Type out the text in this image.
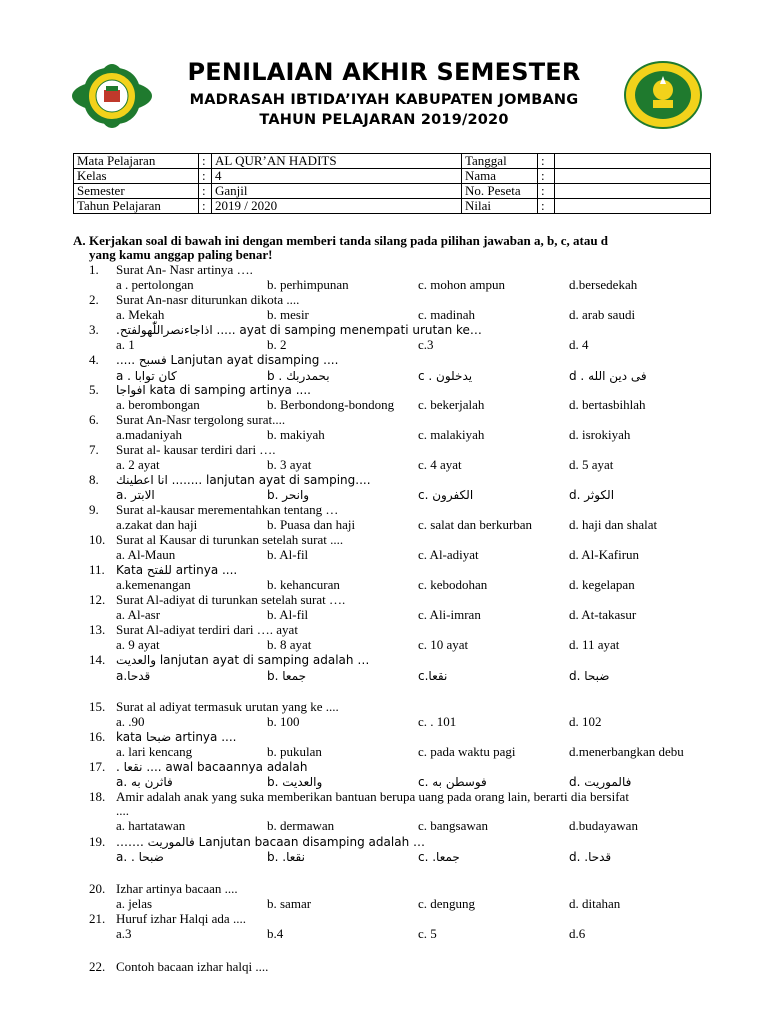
PENILAIAN AKHIR SEMESTER
MADRASAH IBTIDA’IYAH KABUPATEN JOMBANG
TAHUN PELAJARAN 2019/2020
Mata Pelajaran	:	AL QUR’AN HADITS	Tanggal	:	
Kelas	:	4	Nama	:	
Semester	:	Ganjil	No. Peseta	:	
Tahun Pelajaran	:	2019 / 2020	Nilai	:	
A. Kerjakan soal di bawah ini dengan memberi tanda silang pada pilihan jawaban a, b, c, atau d
yang kamu anggap paling benar!
1. Surat An- Nasr artinya ….
a . pertolongan	b. perhimpunan	c. mohon ampun	d.bersedekah
2. Surat An-nasr diturunkan dikota ....
a. Mekah	b. mesir	c. madinah	d. arab saudi
3. .اذاجاءنصراللّٰهولفتح ..... ayat di samping menempati urutan ke…
a. 1	b. 2	c.3	d. 4
4. ..... فسبح Lanjutan ayat disamping ....
a . كان توابا	b . بحمدربك	c . يدخلون	d . فى دين الله
5. افواجا kata di samping artinya ....
a. berombongan	b. Berbondong-bondong c. bekerjalah	d. bertasbihlah
6. Surat An-Nasr tergolong surat....
a.madaniyah	b. makiyah	c. malakiyah	d. isrokiyah
7. Surat al- kausar terdiri dari ….
a. 2 ayat	b. 3 ayat	c. 4 ayat	d. 5 ayat
8. انا اعطينك ........ lanjutan ayat di samping....
a. الابتر	b. وانحر	c. الكفرون	d. الكوثر
9. Surat al-kausar merementahkan tentang …
a.zakat dan haji	b. Puasa dan haji	c. salat dan berkurban	d. haji dan shalat
10. Surat al Kausar di turunkan setelah surat ....
a. Al-Maun	b. Al-fil	c. Al-adiyat	d. Al-Kafirun
11. Kata للفتح artinya ....
a.kemenangan	b. kehancuran	c. kebodohan	d. kegelapan
12. Surat Al-adiyat di turunkan setelah surat ….
a. Al-asr	b. Al-fil	c. Ali-imran	d. At-takasur
13. Surat Al-adiyat terdiri dari …. ayat
a. 9 ayat	b. 8 ayat	c. 10 ayat	d. 11 ayat
14. والعديت lanjutan ayat di samping adalah …
a.قدحا	b. جمعا	c.نقعا	d. ضبحا
15. Surat al adiyat termasuk urutan yang ke ....
a. .90	b. 100	c. . 101	d. 102
16. kata ضبحا artinya ....
a. lari kencang	b. pukulan	c. pada waktu pagi	d.menerbangkan debu
17. . نقعا .... awal bacaannya adalah
a. فاثرن به	b. والعديت	c. فوسطن به	d. فالموريت
18. Amir adalah anak yang suka memberikan bantuan berupa uang pada orang lain, berarti dia bersifat
....
a. hartatawan	b. dermawan	c. bangsawan	d.budayawan
19. ……. فالموريت Lanjutan bacaan disamping adalah …
a. . ضبحا	b. .نقعا	c. .جمعا	d. .قدحا
20. Izhar artinya bacaan ....
a. jelas	b. samar	c. dengung	d. ditahan
21. Huruf izhar Halqi ada ....
a.3	b.4	c. 5	d.6
22. Contoh bacaan izhar halqi ....
